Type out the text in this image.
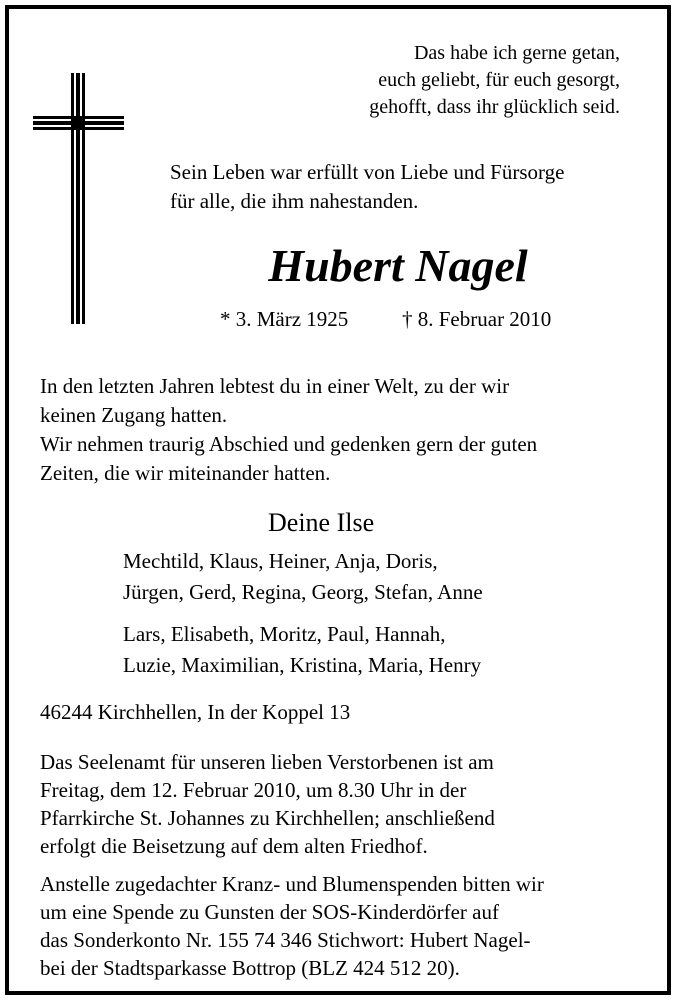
Das habe ich gerne getan,
euch geliebt, für euch gesorgt,
gehofft, dass ihr glücklich seid.

Sein Leben war erfüllt von Liebe und Fürsorge
für alle, die ihm nahestanden.

Hubert Nagel
* 3. März 1925	† 8. Februar 2010

In den letzten Jahren lebtest du in einer Welt, zu der wir
keinen Zugang hatten.
Wir nehmen traurig Abschied und gedenken gern der guten
Zeiten, die wir miteinander hatten.

Deine Ilse

Mechtild, Klaus, Heiner, Anja, Doris,
Jürgen, Gerd, Regina, Georg, Stefan, Anne

Lars, Elisabeth, Moritz, Paul, Hannah,
Luzie, Maximilian, Kristina, Maria, Henry

46244 Kirchhellen, In der Koppel 13

Das Seelenamt für unseren lieben Verstorbenen ist am
Freitag, dem 12. Februar 2010, um 8.30 Uhr in der
Pfarrkirche St. Johannes zu Kirchhellen; anschließend
erfolgt die Beisetzung auf dem alten Friedhof.

Anstelle zugedachter Kranz- und Blumenspenden bitten wir
um eine Spende zu Gunsten der SOS-Kinderdörfer auf
das Sonderkonto Nr. 155 74 346 Stichwort: Hubert Nagel-
bei der Stadtsparkasse Bottrop (BLZ 424 512 20).
